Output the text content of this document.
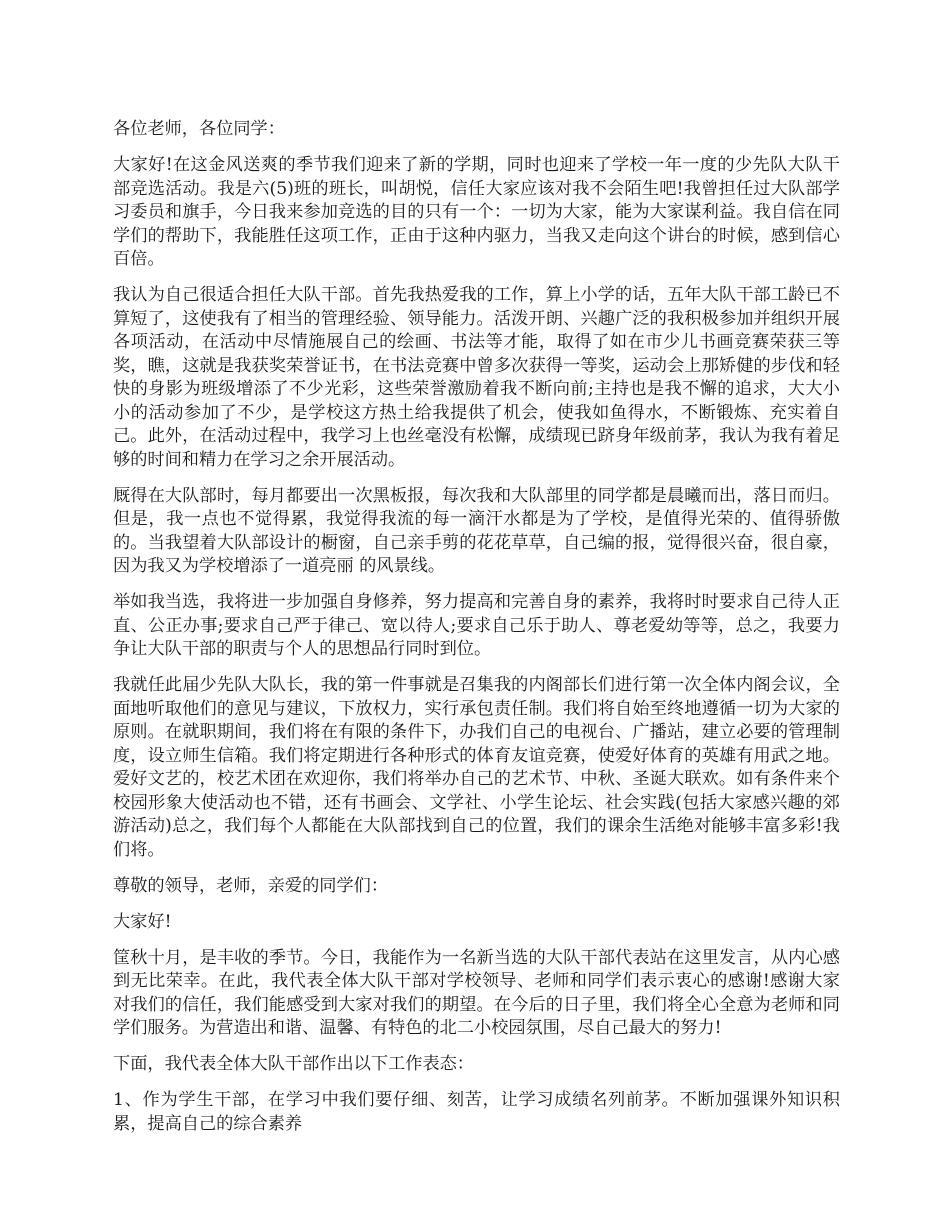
各位老师，各位同学：

大家好!在这金风送爽的季节我们迎来了新的学期，同时也迎来了学校一年一度的少先队大队干部竞选活动。我是六(5)班的班长，叫胡悦，信任大家应该对我不会陌生吧!我曾担任过大队部学习委员和旗手，今日我来参加竞选的目的只有一个：一切为大家，能为大家谋利益。我自信在同学们的帮助下，我能胜任这项工作，正由于这种内驱力，当我又走向这个讲台的时候，感到信心百倍。

我认为自己很适合担任大队干部。首先我热爱我的工作，算上小学的话，五年大队干部工龄已不算短了，这使我有了相当的管理经验、领导能力。活泼开朗、兴趣广泛的我积极参加并组织开展各项活动，在活动中尽情施展自己的绘画、书法等才能，取得了如在市少儿书画竞赛荣获三等奖，瞧，这就是我获奖荣誉证书，在书法竞赛中曾多次获得一等奖，运动会上那矫健的步伐和轻快的身影为班级增添了不少光彩，这些荣誉激励着我不断向前;主持也是我不懈的追求，大大小小的活动参加了不少，是学校这方热土给我提供了机会，使我如鱼得水，不断锻炼、充实着自己。此外，在活动过程中，我学习上也丝毫没有松懈，成绩现已跻身年级前茅，我认为我有着足够的时间和精力在学习之余开展活动。

厩得在大队部时，每月都要出一次黑板报，每次我和大队部里的同学都是晨曦而出，落日而归。但是，我一点也不觉得累，我觉得我流的每一滴汗水都是为了学校，是值得光荣的、值得骄傲的。当我望着大队部设计的橱窗，自己亲手剪的花花草草，自己编的报，觉得很兴奋，很自豪，因为我又为学校增添了一道亮丽 的风景线。

举如我当选，我将进一步加强自身修养，努力提高和完善自身的素养，我将时时要求自己待人正直、公正办事;要求自己严于律己、宽以待人;要求自己乐于助人、尊老爱幼等等，总之，我要力争让大队干部的职责与个人的思想品行同时到位。

我就任此届少先队大队长，我的第一件事就是召集我的内阁部长们进行第一次全体内阁会议，全面地听取他们的意见与建议，下放权力，实行承包责任制。我们将自始至终地遵循一切为大家的原则。在就职期间，我们将在有限的条件下，办我们自己的电视台、广播站，建立必要的管理制度，设立师生信箱。我们将定期进行各种形式的体育友谊竞赛，使爱好体育的英雄有用武之地。爱好文艺的，校艺术团在欢迎你，我们将举办自己的艺术节、中秋、圣诞大联欢。如有条件来个校园形象大使活动也不错，还有书画会、文学社、小学生论坛、社会实践(包括大家感兴趣的郊游活动)总之，我们每个人都能在大队部找到自己的位置，我们的课余生活绝对能够丰富多彩!我们将。

尊敬的领导，老师，亲爱的同学们：

大家好!

筐秋十月，是丰收的季节。今日，我能作为一名新当选的大队干部代表站在这里发言，从内心感到无比荣幸。在此，我代表全体大队干部对学校领导、老师和同学们表示衷心的感谢!感谢大家对我们的信任，我们能感受到大家对我们的期望。在今后的日子里，我们将全心全意为老师和同学们服务。为营造出和谐、温馨、有特色的北二小校园氛围，尽自己最大的努力!

下面，我代表全体大队干部作出以下工作表态：

1、作为学生干部，在学习中我们要仔细、刻苦，让学习成绩名列前茅。不断加强课外知识积累，提高自己的综合素养
